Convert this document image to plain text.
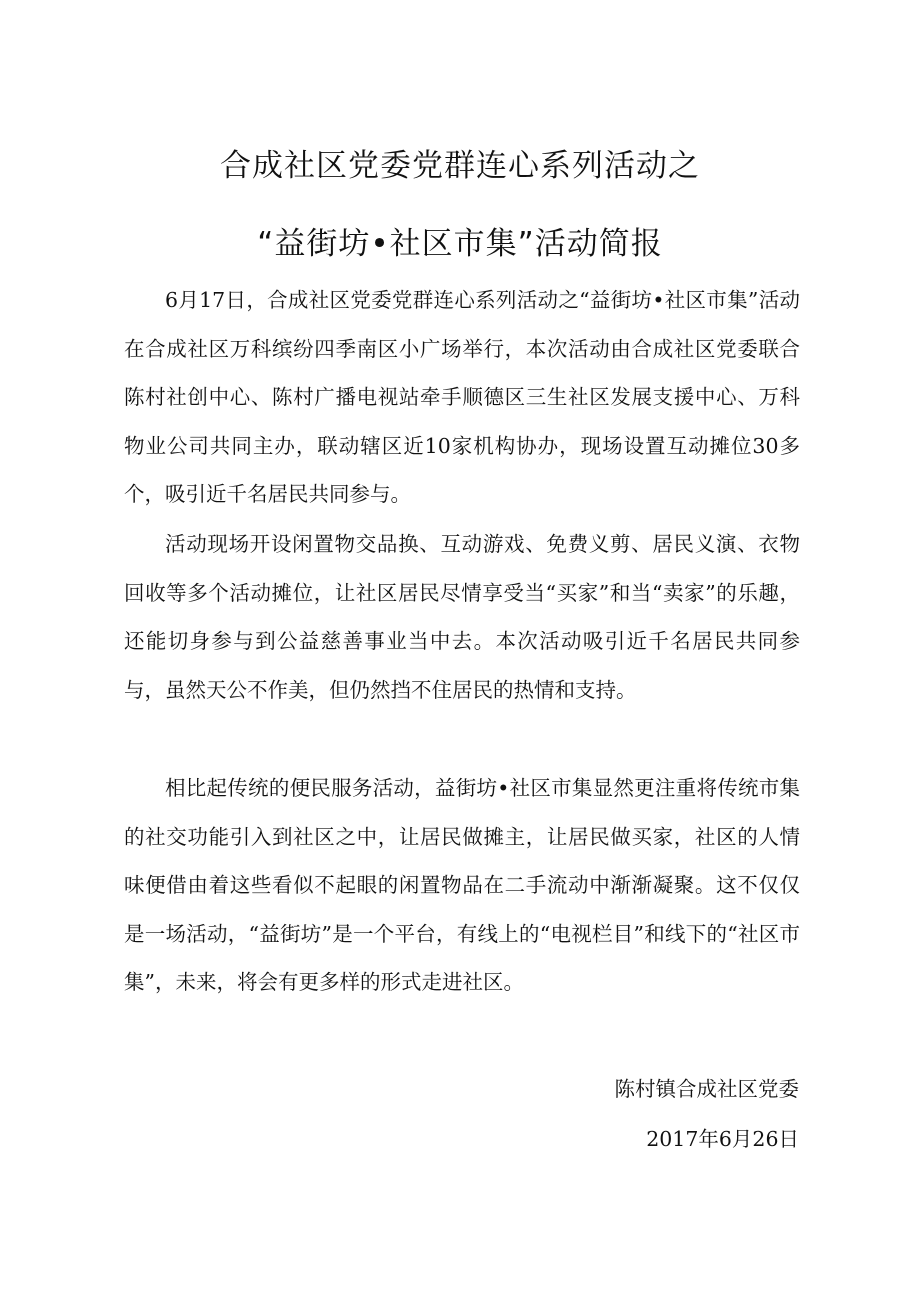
合成社区党委党群连心系列活动之
“益街坊•社区市集”活动简报

6月17日，合成社区党委党群连心系列活动之“益街坊•社区市集”活动在合成社区万科缤纷四季南区小广场举行，本次活动由合成社区党委联合陈村社创中心、陈村广播电视站牵手顺德区三生社区发展支援中心、万科物业公司共同主办，联动辖区近10家机构协办，现场设置互动摊位30多个，吸引近千名居民共同参与。

活动现场开设闲置物交品换、互动游戏、免费义剪、居民义演、衣物回收等多个活动摊位，让社区居民尽情享受当“买家”和当“卖家”的乐趣，还能切身参与到公益慈善事业当中去。本次活动吸引近千名居民共同参与，虽然天公不作美，但仍然挡不住居民的热情和支持。

相比起传统的便民服务活动，益街坊•社区市集显然更注重将传统市集的社交功能引入到社区之中，让居民做摊主，让居民做买家，社区的人情味便借由着这些看似不起眼的闲置物品在二手流动中渐渐凝聚。这不仅仅是一场活动，“益街坊”是一个平台，有线上的“电视栏目”和线下的“社区市集”，未来，将会有更多样的形式走进社区。

陈村镇合成社区党委
2017年6月26日
